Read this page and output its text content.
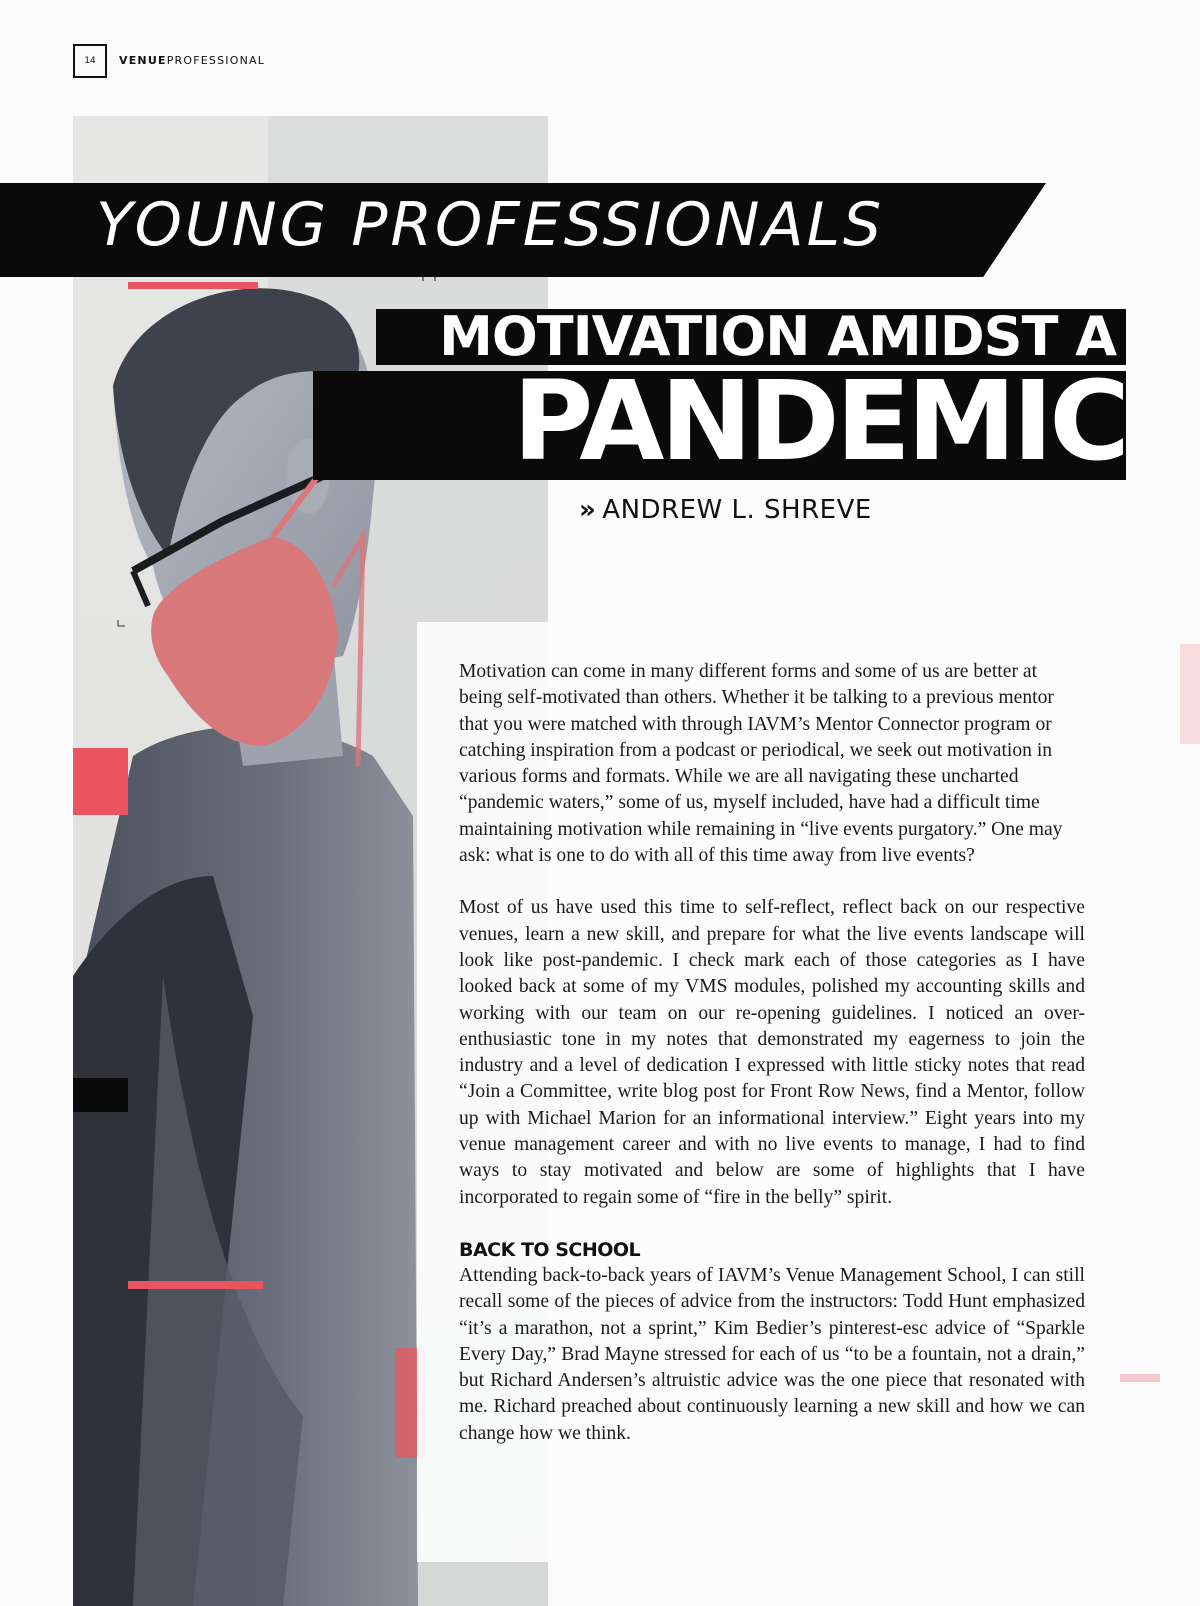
14	VENUEPROFESSIONAL
YOUNG PROFESSIONALS
MOTIVATION AMIDST A
PANDEMIC
» ANDREW L. SHREVE

Motivation can come in many different forms and some of us are better at being self-motivated than others. Whether it be talking to a previous mentor that you were matched with through IAVM’s Mentor Connector program or catching inspiration from a podcast or periodical, we seek out motivation in various forms and formats. While we are all navigating these uncharted “pandemic waters,” some of us, myself included, have had a difficult time maintaining motivation while remaining in “live events purgatory.” One may ask: what is one to do with all of this time away from live events?

Most of us have used this time to self-reflect, reflect back on our respective venues, learn a new skill, and prepare for what the live events landscape will look like post-pandemic. I check mark each of those categories as I have looked back at some of my VMS modules, polished my accounting skills and working with our team on our re-opening guidelines. I noticed an over-enthusiastic tone in my notes that demonstrated my eagerness to join the industry and a level of dedication I expressed with little sticky notes that read “Join a Committee, write blog post for Front Row News, find a Mentor, follow up with Michael Marion for an informational interview.” Eight years into my venue management career and with no live events to manage, I had to find ways to stay motivated and below are some of highlights that I have incorporated to regain some of “fire in the belly” spirit.

BACK TO SCHOOL

Attending back-to-back years of IAVM’s Venue Management School, I can still recall some of the pieces of advice from the instructors: Todd Hunt emphasized “it’s a marathon, not a sprint,” Kim Bedier’s pinterest-esc advice of “Sparkle Every Day,” Brad Mayne stressed for each of us “to be a fountain, not a drain,” but Richard Andersen’s altruistic advice was the one piece that resonated with me. Richard preached about continuously learning a new skill and how we can change how we think.
